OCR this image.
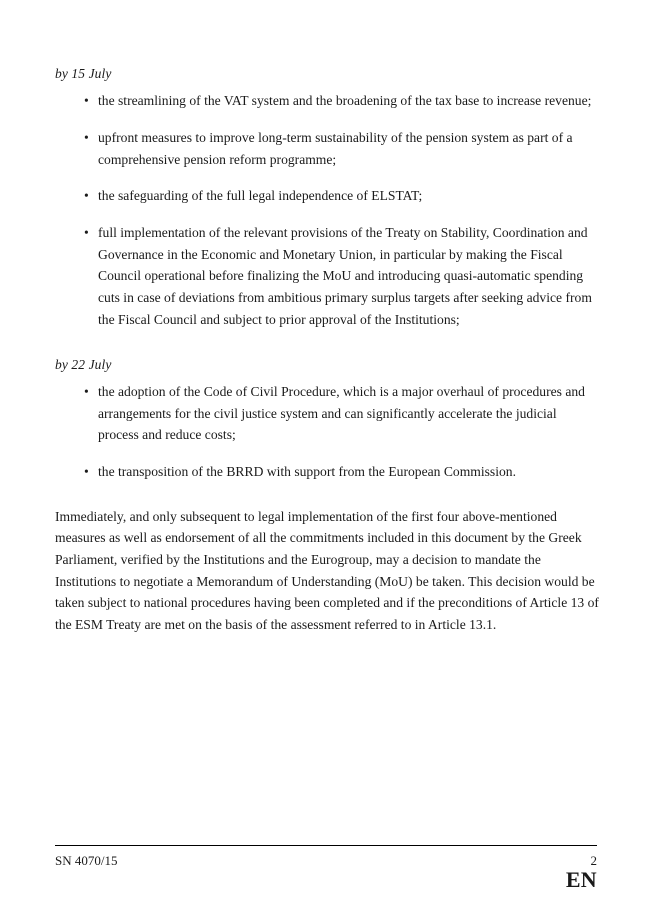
by 15 July

• the streamlining of the VAT system and the broadening of the tax base to increase revenue;
• upfront measures to improve long-term sustainability of the pension system as part of a comprehensive pension reform programme;
• the safeguarding of the full legal independence of ELSTAT;
• full implementation of the relevant provisions of the Treaty on Stability, Coordination and Governance in the Economic and Monetary Union, in particular by making the Fiscal Council operational before finalizing the MoU and introducing quasi-automatic spending cuts in case of deviations from ambitious primary surplus targets after seeking advice from the Fiscal Council and subject to prior approval of the Institutions;

by 22 July

• the adoption of the Code of Civil Procedure, which is a major overhaul of procedures and arrangements for the civil justice system and can significantly accelerate the judicial process and reduce costs;
• the transposition of the BRRD with support from the European Commission.

Immediately, and only subsequent to legal implementation of the first four above-mentioned measures as well as endorsement of all the commitments included in this document by the Greek Parliament, verified by the Institutions and the Eurogroup, may a decision to mandate the Institutions to negotiate a Memorandum of Understanding (MoU) be taken. This decision would be taken subject to national procedures having been completed and if the preconditions of Article 13 of the ESM Treaty are met on the basis of the assessment referred to in Article 13.1.

SN 4070/15	2
EN
